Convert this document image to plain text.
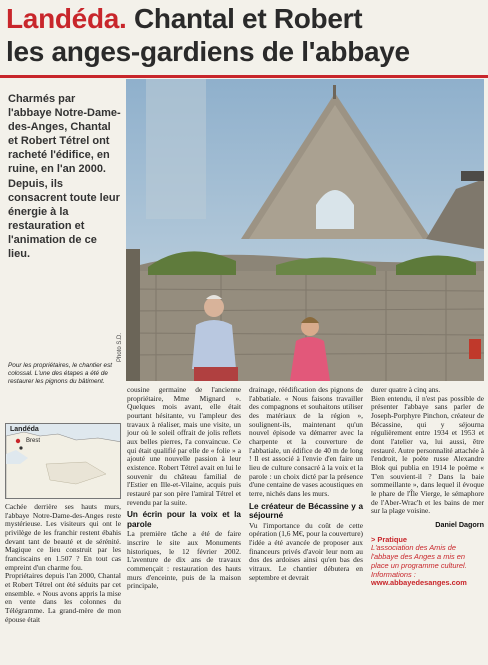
Landéda. Chantal et Robert
les anges-gardiens de l'abbaye
Charmés par l'abbaye Notre-Dame-des-Anges, Chantal et Robert Tétrel ont racheté l'édifice, en ruine, en l'an 2000. Depuis, ils consacrent toute leur énergie à la restauration et l'animation de ce lieu.
Photo S.D.
Pour les propriétaires, le chantier est colossal. L'une des étapes a été de restaurer les pignons du bâtiment.
Landéda
Brest

Cachée derrière ses hauts murs, l'abbaye Notre-Dame-des-Anges reste mystérieuse. Les visiteurs qui ont le privilège de les franchir restent ébahis devant tant de beauté et de sérénité. Magique ce lieu construit par les franciscains en 1.507 ? En tout cas empreint d'un charme fou.

Propriétaires depuis l'an 2000, Chantal et Robert Tétrel ont été séduits par cet ensemble. « Nous avons appris la mise en vente dans les colonnes du Télégramme. La grand-mère de mon épouse était

cousine germaine de l'ancienne propriétaire, Mme Mignard ». Quelques mois avant, elle était pourtant hésitante, vu l'ampleur des travaux à réaliser, mais une visite, un jour où le soleil offrait de jolis reflets aux belles pierres, l'a convaincue. Ce qui était qualifié par elle de « folie » a ajouté une nouvelle passion à leur existence. Robert Tétrel avait en lui le souvenir du château familial de l'Estier en Ille-et-Vilaine, acquis puis restauré par son père l'amiral Tétrel et revendu par la suite.

Un écrin pour la voix et la parole

La première tâche a été de faire inscrire le site aux Monuments historiques, le 12 février 2002. L'aventure de dix ans de travaux commençait : restauration des hauts murs d'enceinte, puis de la maison principale,

drainage, réédification des pignons de l'abbatiale. « Nous faisons travailler des compagnons et souhaitons utiliser des matériaux de la région », soulignent-ils, maintenant qu'un nouvel épisode va démarrer avec la charpente et la couverture de l'abbatiale, un édifice de 40 m de long ! Il est associé à l'envie d'en faire un lieu de culture consacré à la voix et la parole : un choix dicté par la présence d'une centaine de vases acoustiques en terre, nichés dans les murs.

Le créateur de Bécassine y a séjourné

Vu l'importance du coût de cette opération (1,6 M€, pour la couverture) l'idée a été avancée de proposer aux financeurs privés d'avoir leur nom au dos des ardoises ainsi qu'en bas des vitraux. Le chantier débutera en septembre et devrait

durer quatre à cinq ans.

Bien entendu, il n'est pas possible de présenter l'abbaye sans parler de Joseph-Porphyre Pinchon, créateur de Bécassine, qui y séjourna régulièrement entre 1934 et 1953 et dont l'atelier va, lui aussi, être restauré. Autre personnalité attachée à l'endroit, le poète russe Alexandre Blok qui publia en 1914 le poème « T'en souvient-il ? Dans la baie sommeillante », dans lequel il évoque le phare de l'Île Vierge, le sémaphore de l'Aber-Wrac'h et les bains de mer sur la plage voisine.

Daniel Dagorn
> Pratique
L'association des Amis de l'abbaye des Anges a mis en place un programme culturel. Informations : www.abbayedesanges.com
